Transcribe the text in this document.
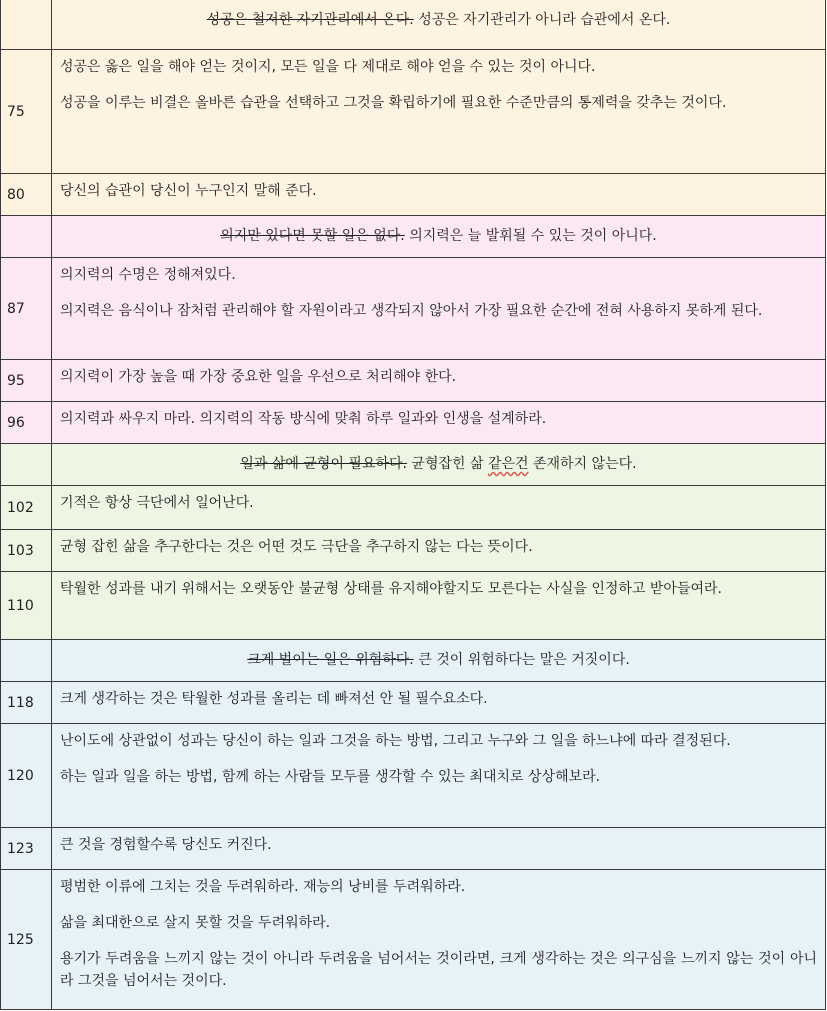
	성공은 철저한 자기관리에서 온다. 성공은 자기관리가 아니라 습관에서 온다.
75	성공은 옳은 일을 해야 얻는 것이지, 모든 일을 다 제대로 해야 얻을 수 있는 것이 아니다.

성공을 이루는 비결은 올바른 습관을 선택하고 그것을 확립하기에 필요한 수준만큼의 통제력을 갖추는 것이다.

80	당신의 습관이 당신이 누구인지 말해 준다.

	의지만 있다면 못할 일은 없다. 의지력은 늘 발휘될 수 있는 것이 아니다.
87	의지력의 수명은 정해져있다.

의지력은 음식이나 잠처럼 관리해야 할 자원이라고 생각되지 않아서 가장 필요한 순간에 전혀 사용하지 못하게 된다.

95	의지력이 가장 높을 때 가장 중요한 일을 우선으로 처리해야 한다.

96	의지력과 싸우지 마라. 의지력의 작동 방식에 맞춰 하루 일과와 인생을 설계하라.

	일과 삶에 균형이 필요하다. 균형잡힌 삶 같은건 존재하지 않는다.
102	기적은 항상 극단에서 일어난다.

103	균형 잡힌 삶을 추구한다는 것은 어떤 것도 극단을 추구하지 않는 다는 뜻이다.

110	탁월한 성과를 내기 위해서는 오랫동안 불균형 상태를 유지해야할지도 모른다는 사실을 인정하고 받아들여라.

	크게 벌이는 일은 위험하다. 큰 것이 위험하다는 말은 거짓이다.
118	크게 생각하는 것은 탁월한 성과를 올리는 데 빠져선 안 될 필수요소다.

120	난이도에 상관없이 성과는 당신이 하는 일과 그것을 하는 방법, 그리고 누구와 그 일을 하느냐에 따라 결정된다.

하는 일과 일을 하는 방법, 함께 하는 사람들 모두를 생각할 수 있는 최대치로 상상해보라.

123	큰 것을 경험할수록 당신도 커진다.

125	평범한 이류에 그치는 것을 두려워하라. 재능의 낭비를 두려워하라.

삶을 최대한으로 살지 못할 것을 두려워하라.

용기가 두려움을 느끼지 않는 것이 아니라 두려움을 넘어서는 것이라면, 크게 생각하는 것은 의구심을 느끼지 않는 것이 아니라 그것을 넘어서는 것이다.
